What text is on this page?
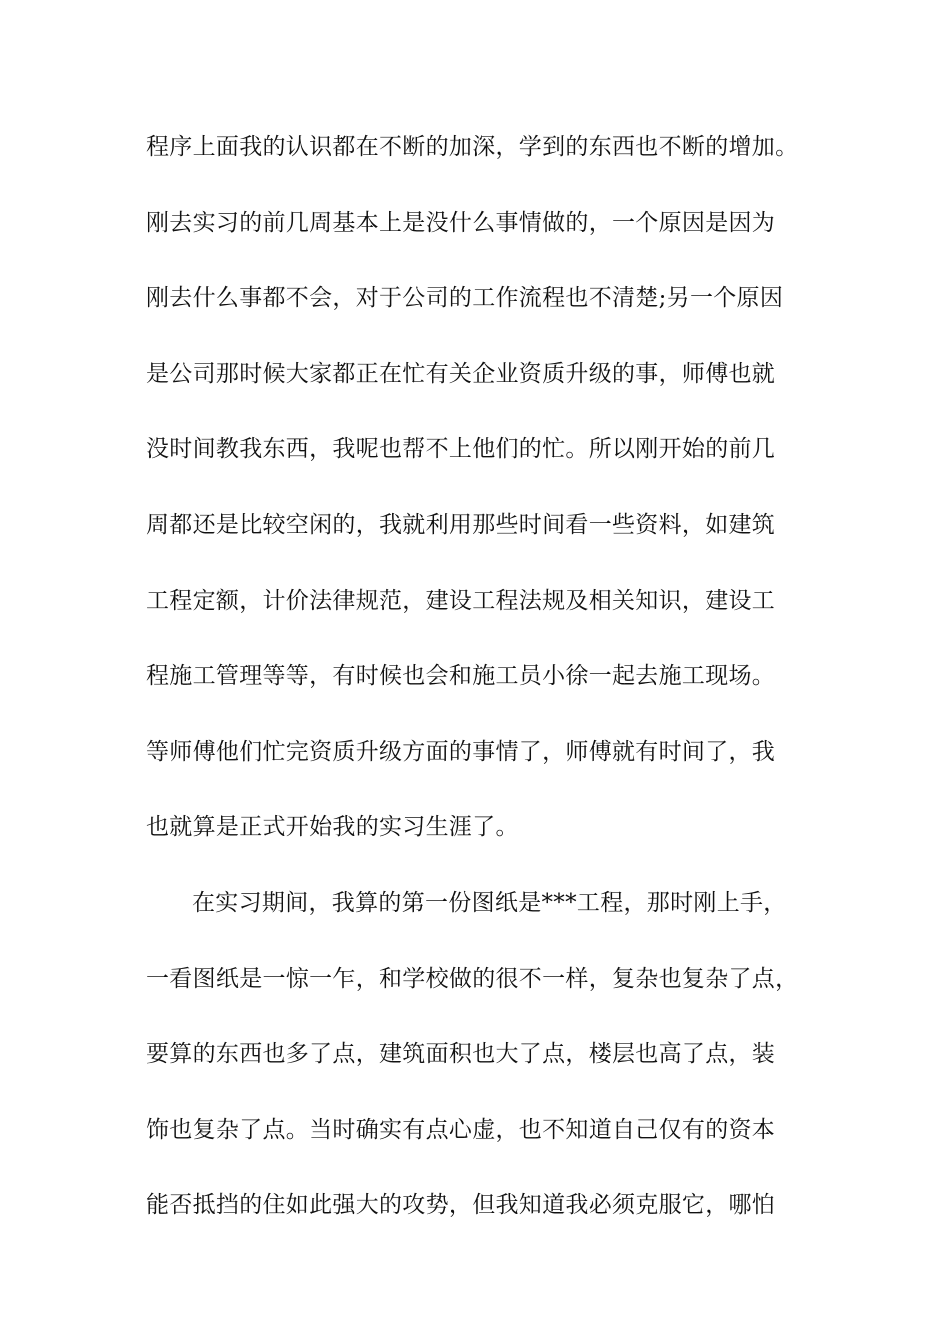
程序上面我的认识都在不断的加深，学到的东西也不断的增加。
刚去实习的前几周基本上是没什么事情做的，一个原因是因为
刚去什么事都不会，对于公司的工作流程也不清楚;另一个原因
是公司那时候大家都正在忙有关企业资质升级的事，师傅也就
没时间教我东西，我呢也帮不上他们的忙。所以刚开始的前几
周都还是比较空闲的，我就利用那些时间看一些资料，如建筑
工程定额，计价法律规范，建设工程法规及相关知识，建设工
程施工管理等等，有时候也会和施工员小徐一起去施工现场。
等师傅他们忙完资质升级方面的事情了，师傅就有时间了，我
也就算是正式开始我的实习生涯了。
在实习期间，我算的第一份图纸是***工程，那时刚上手，
一看图纸是一惊一乍，和学校做的很不一样，复杂也复杂了点，
要算的东西也多了点，建筑面积也大了点，楼层也高了点，装
饰也复杂了点。当时确实有点心虚，也不知道自己仅有的资本
能否抵挡的住如此强大的攻势，但我知道我必须克服它，哪怕
